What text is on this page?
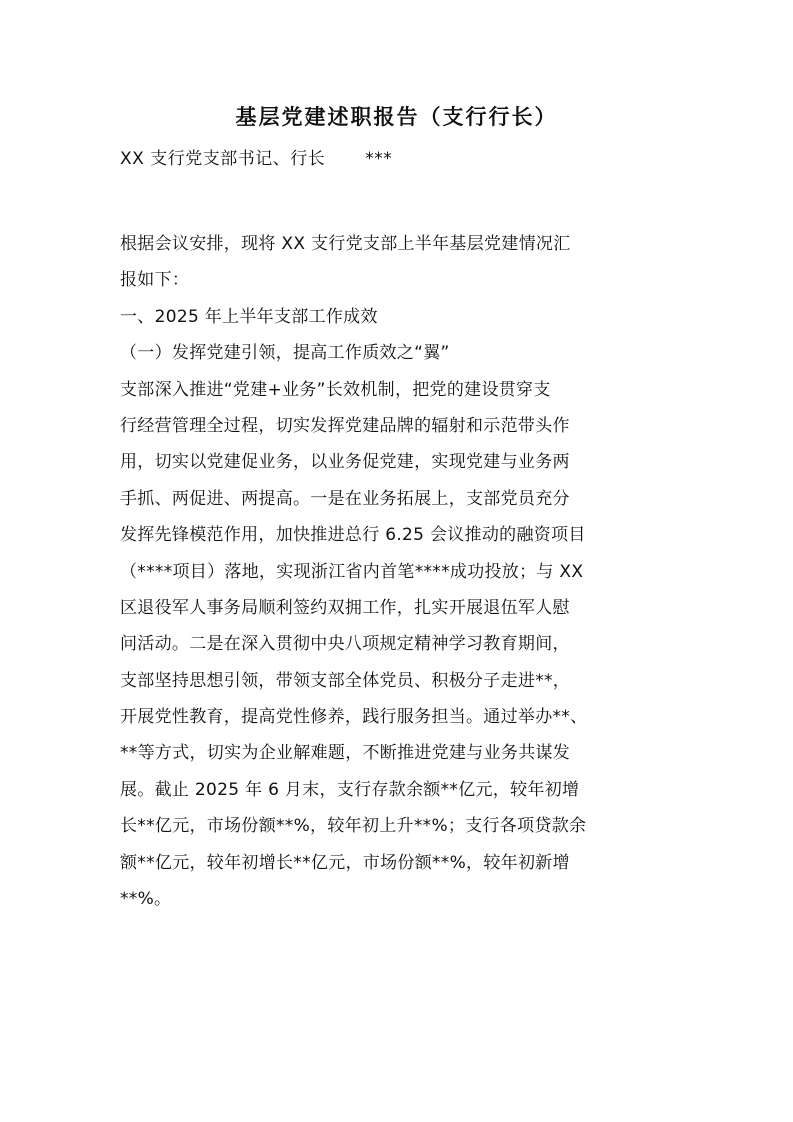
基层党建述职报告（支行行长）
XX 支行党支部书记、行长 ***
根据会议安排，现将 XX 支行党支部上半年基层党建情况汇
报如下：
一、2025 年上半年支部工作成效
（一）发挥党建引领，提高工作质效之“翼”
支部深入推进“党建+业务”长效机制，把党的建设贯穿支
行经营管理全过程，切实发挥党建品牌的辐射和示范带头作
用，切实以党建促业务，以业务促党建，实现党建与业务两
手抓、两促进、两提高。一是在业务拓展上，支部党员充分
发挥先锋模范作用，加快推进总行 6.25 会议推动的融资项目
（****项目）落地，实现浙江省内首笔****成功投放；与 XX
区退役军人事务局顺利签约双拥工作，扎实开展退伍军人慰
问活动。二是在深入贯彻中央八项规定精神学习教育期间，
支部坚持思想引领，带领支部全体党员、积极分子走进**，
开展党性教育，提高党性修养，践行服务担当。通过举办**、
**等方式，切实为企业解难题，不断推进党建与业务共谋发
展。截止 2025 年 6 月末，支行存款余额**亿元，较年初增
长**亿元，市场份额**%，较年初上升**%；支行各项贷款余
额**亿元，较年初增长**亿元，市场份额**%，较年初新增
**%。
